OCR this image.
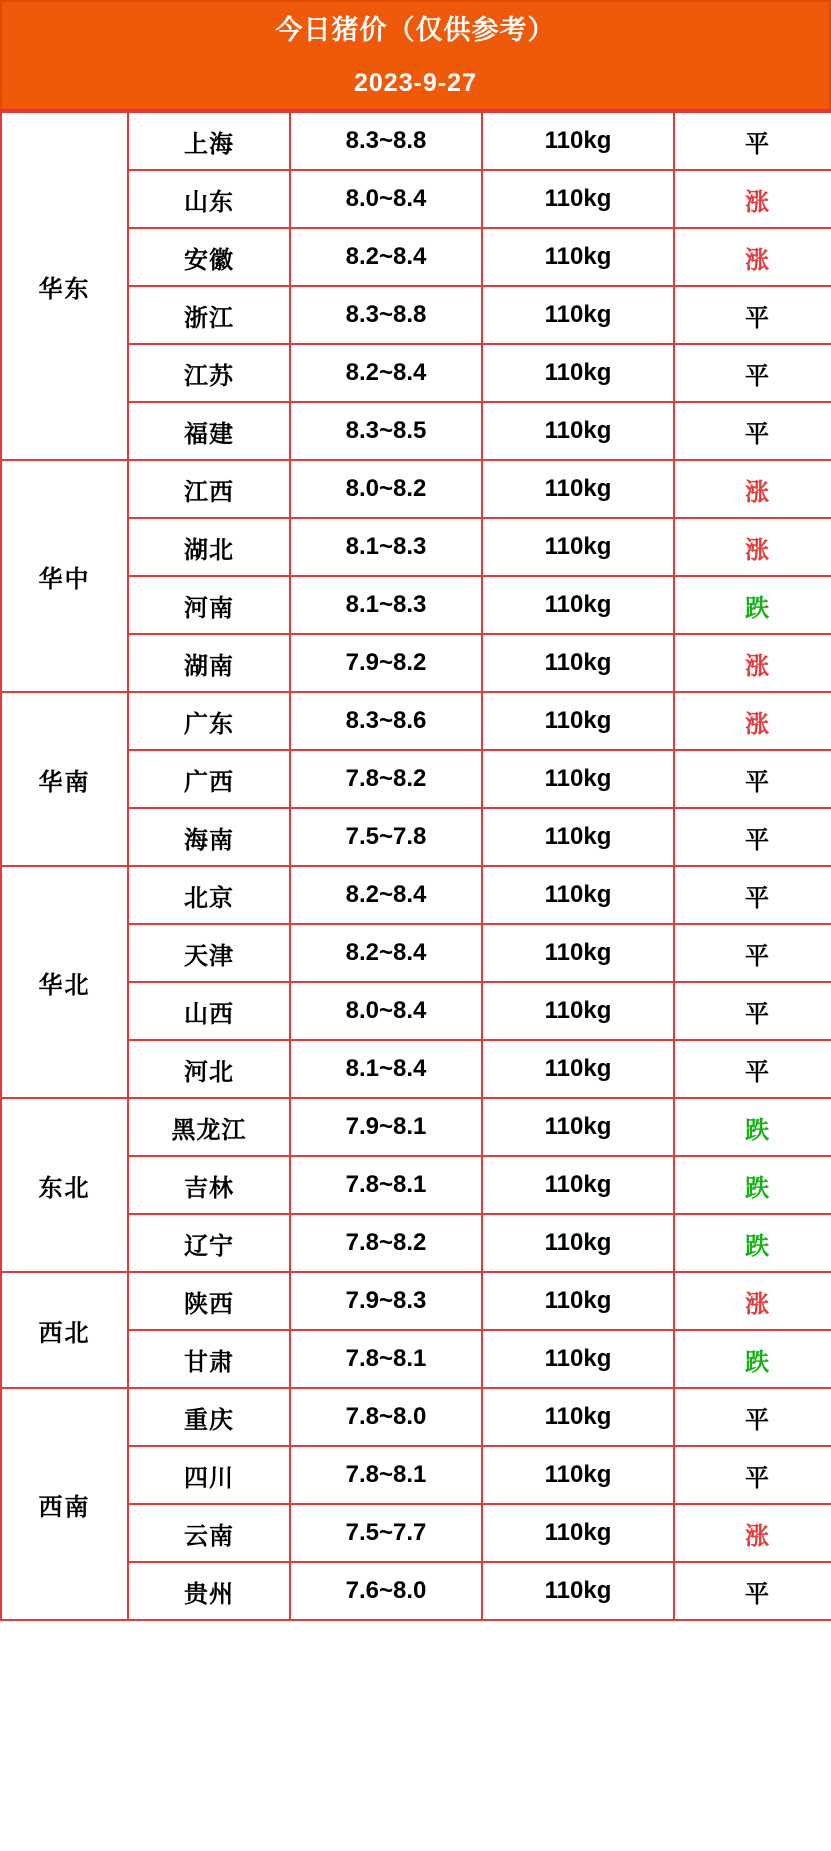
今日猪价（仅供参考）
2023-9-27
华东	上海	8.3~8.8	110kg	平
	山东	8.0~8.4	110kg	涨
	安徽	8.2~8.4	110kg	涨
	浙江	8.3~8.8	110kg	平
	江苏	8.2~8.4	110kg	平
	福建	8.3~8.5	110kg	平
华中	江西	8.0~8.2	110kg	涨
	湖北	8.1~8.3	110kg	涨
	河南	8.1~8.3	110kg	跌
	湖南	7.9~8.2	110kg	涨
华南	广东	8.3~8.6	110kg	涨
	广西	7.8~8.2	110kg	平
	海南	7.5~7.8	110kg	平
华北	北京	8.2~8.4	110kg	平
	天津	8.2~8.4	110kg	平
	山西	8.0~8.4	110kg	平
	河北	8.1~8.4	110kg	平
东北	黑龙江	7.9~8.1	110kg	跌
	吉林	7.8~8.1	110kg	跌
	辽宁	7.8~8.2	110kg	跌
西北	陕西	7.9~8.3	110kg	涨
	甘肃	7.8~8.1	110kg	跌
西南	重庆	7.8~8.0	110kg	平
	四川	7.8~8.1	110kg	平
	云南	7.5~7.7	110kg	涨
	贵州	7.6~8.0	110kg	平
